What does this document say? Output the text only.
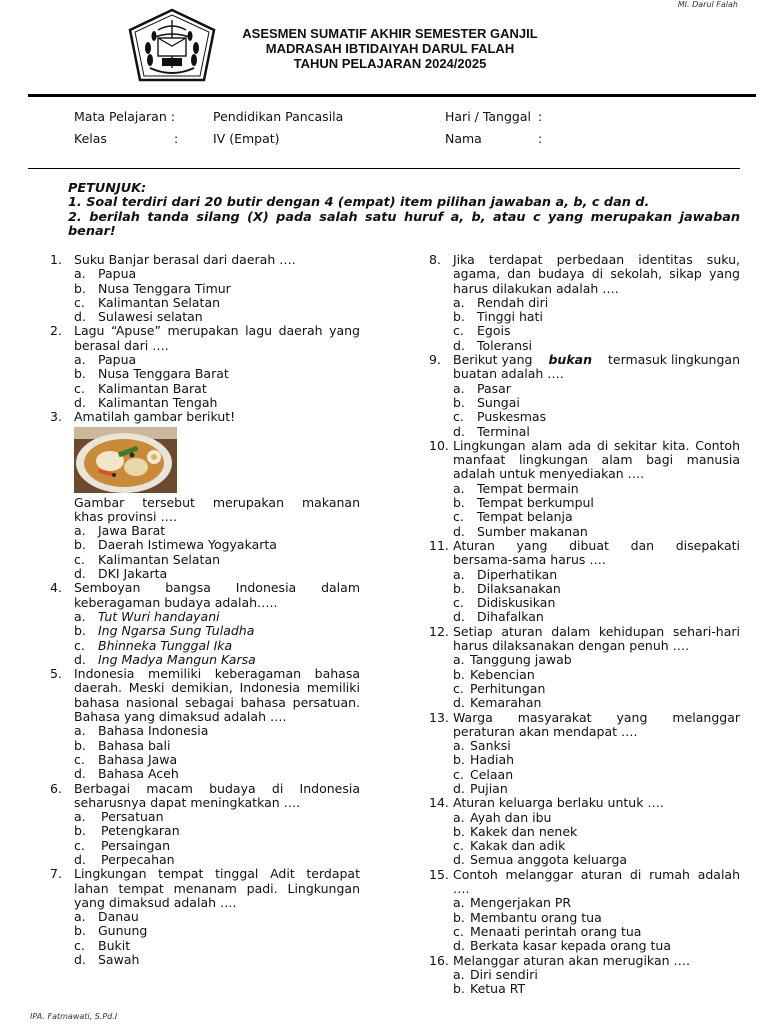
MI. Darul Falah
IPA. Fatmawati, S.Pd.I
ASESMEN SUMATIF AKHIR SEMESTER GANJIL
MADRASAH IBTIDAIYAH DARUL FALAH
TAHUN PELAJARAN 2024/2025
Mata Pelajaran :	Pendidikan Pancasila
Kelas	:	IV (Empat)
Hari / Tanggal :
Nama	:
PETUNJUK:
1. Soal terdiri dari 20 butir dengan 4 (empat) item pilihan jawaban a, b, c dan d.
2. berilah tanda silang (X) pada salah satu huruf a, b, atau c yang merupakan jawaban
benar!
1. Suku Banjar berasal dari daerah ….
a. Papua
b. Nusa Tenggara Timur
c.	Kalimantan Selatan
d. Sulawesi selatan
2. Lagu “Apuse” merupakan lagu daerah yang
berasal dari ….
a. Papua
b. Nusa Tenggara Barat
c.	Kalimantan Barat
d. Kalimantan Tengah
3. Amatilah gambar berikut!
Gambar tersebut merupakan makanan
khas provinsi ….
a. Jawa Barat
b. Daerah Istimewa Yogyakarta
c.	Kalimantan Selatan
d. DKI Jakarta
4. Semboyan bangsa Indonesia dalam
keberagaman budaya adalah…..
a. Tut Wuri handayani
b. Ing Ngarsa Sung Tuladha
c.	Bhinneka Tunggal Ika
d. Ing Madya Mangun Karsa
5. Indonesia memiliki keberagaman bahasa
daerah. Meski demikian, Indonesia memiliki
bahasa nasional sebagai bahasa persatuan.
Bahasa yang dimaksud adalah ….
a. Bahasa Indonesia
b. Bahasa bali
c.	Bahasa Jawa
d. Bahasa Aceh
6. Berbagai macam budaya di Indonesia
seharusnya dapat meningkatkan ….
a.	Persatuan
b.	Petengkaran
c.	Persaingan
d.	Perpecahan
7. Lingkungan tempat tinggal Adit terdapat
lahan tempat menanam padi. Lingkungan
yang dimaksud adalah ….
a. Danau
b. Gunung
c.	Bukit
d. Sawah
8. Jika terdapat perbedaan identitas suku,
agama, dan budaya di sekolah, sikap yang
harus dilakukan adalah ….
a. Rendah diri
b. Tinggi hati
c.	Egois
d. Toleransi
9. Berikut yang bukan termasuk lingkungan
buatan adalah ….
a. Pasar
b. Sungai
c.	Puskesmas
d. Terminal
10. Lingkungan alam ada di sekitar kita. Contoh
manfaat lingkungan alam bagi manusia
adalah untuk menyediakan ….
a. Tempat bermain
b. Tempat berkumpul
c.	Tempat belanja
d. Sumber makanan
11. Aturan yang dibuat dan disepakati
bersama-sama harus ….
a. Diperhatikan
b. Dilaksanakan
c.	Didiskusikan
d. Dihafalkan
12. Setiap aturan dalam kehidupan sehari-hari
harus dilaksanakan dengan penuh ….
a. Tanggung jawab
b. Kebencian
c. Perhitungan
d. Kemarahan
13. Warga masyarakat yang melanggar
peraturan akan mendapat ….
a. Sanksi
b. Hadiah
c. Celaan
d. Pujian
14. Aturan keluarga berlaku untuk ….
a. Ayah dan ibu
b. Kakek dan nenek
c. Kakak dan adik
d. Semua anggota keluarga
15. Contoh melanggar aturan di rumah adalah
….
a. Mengerjakan PR
b. Membantu orang tua
c. Menaati perintah orang tua
d. Berkata kasar kepada orang tua
16. Melanggar aturan akan merugikan ….
a. Diri sendiri
b. Ketua RT
